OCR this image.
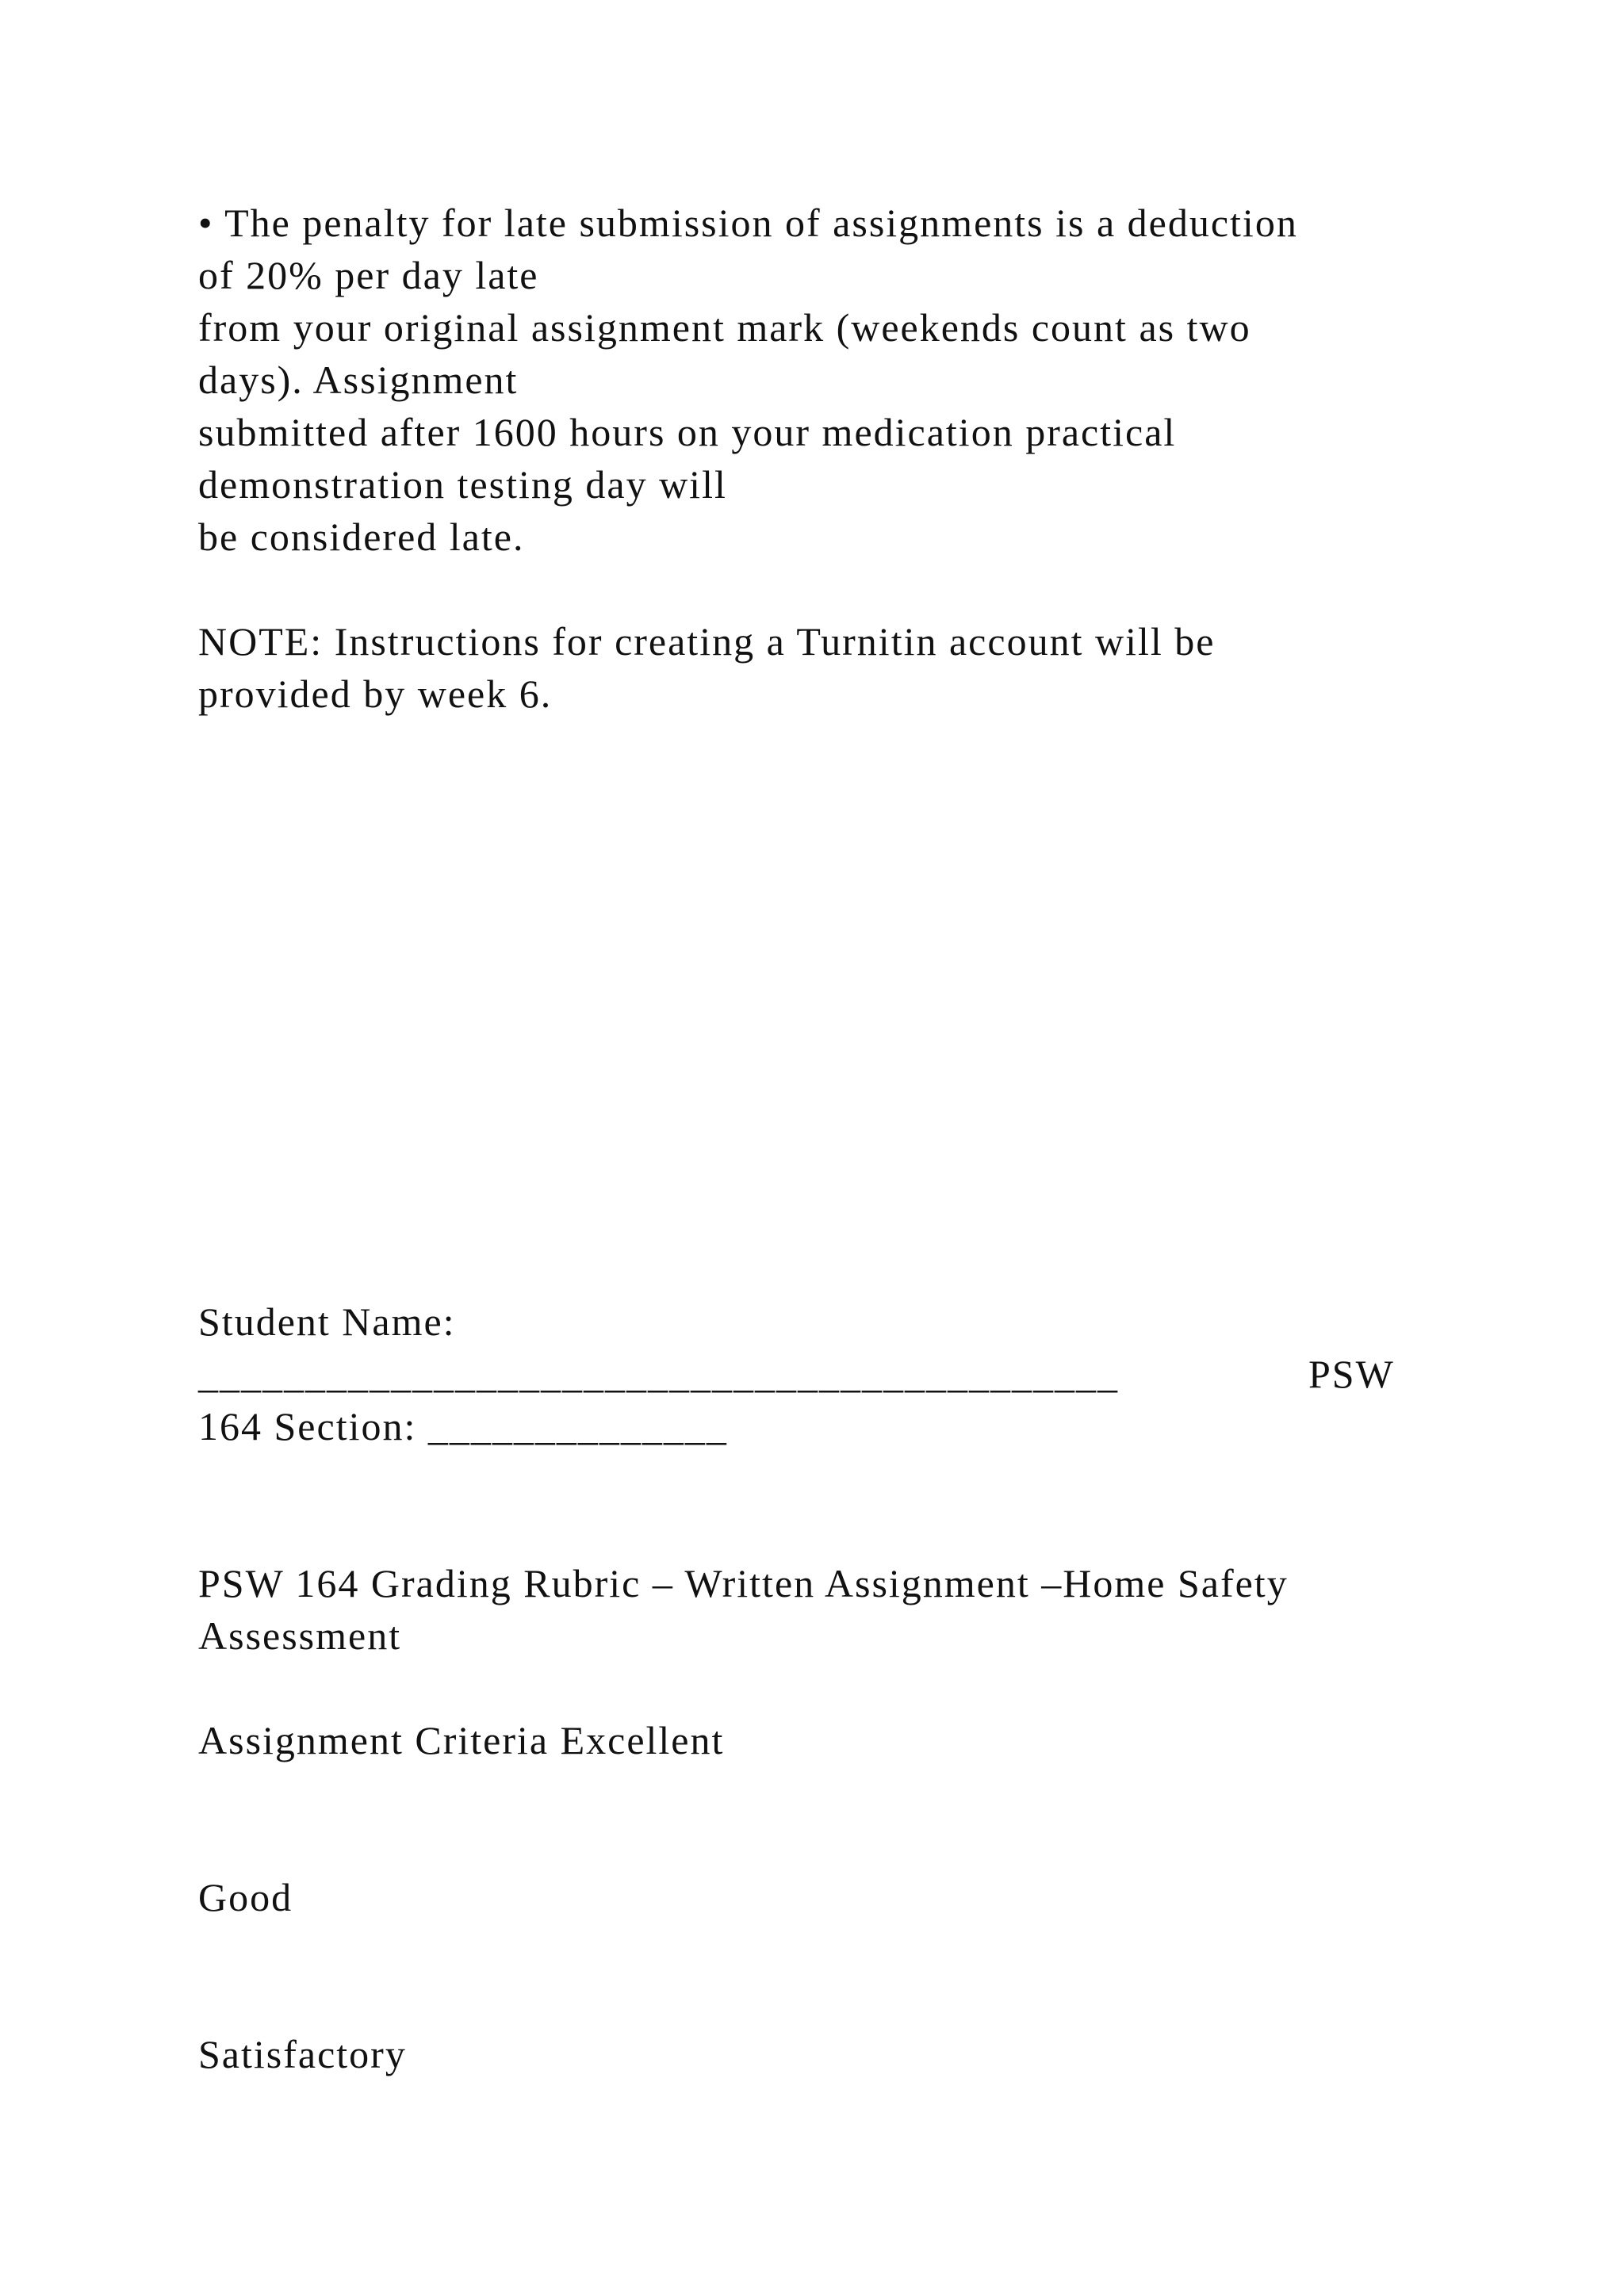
• The penalty for late submission of assignments is a deduction

of 20% per day late

from your original assignment mark (weekends count as two

days). Assignment

submitted after 1600 hours on your medication practical

demonstration testing day will

be considered late.

NOTE: Instructions for creating a Turnitin account will be

provided by week 6.

Student Name:

___________________________________________	PSW

164 Section: ______________

PSW 164 Grading Rubric – Written Assignment –Home Safety

Assessment

Assignment Criteria Excellent

Good

Satisfactory
